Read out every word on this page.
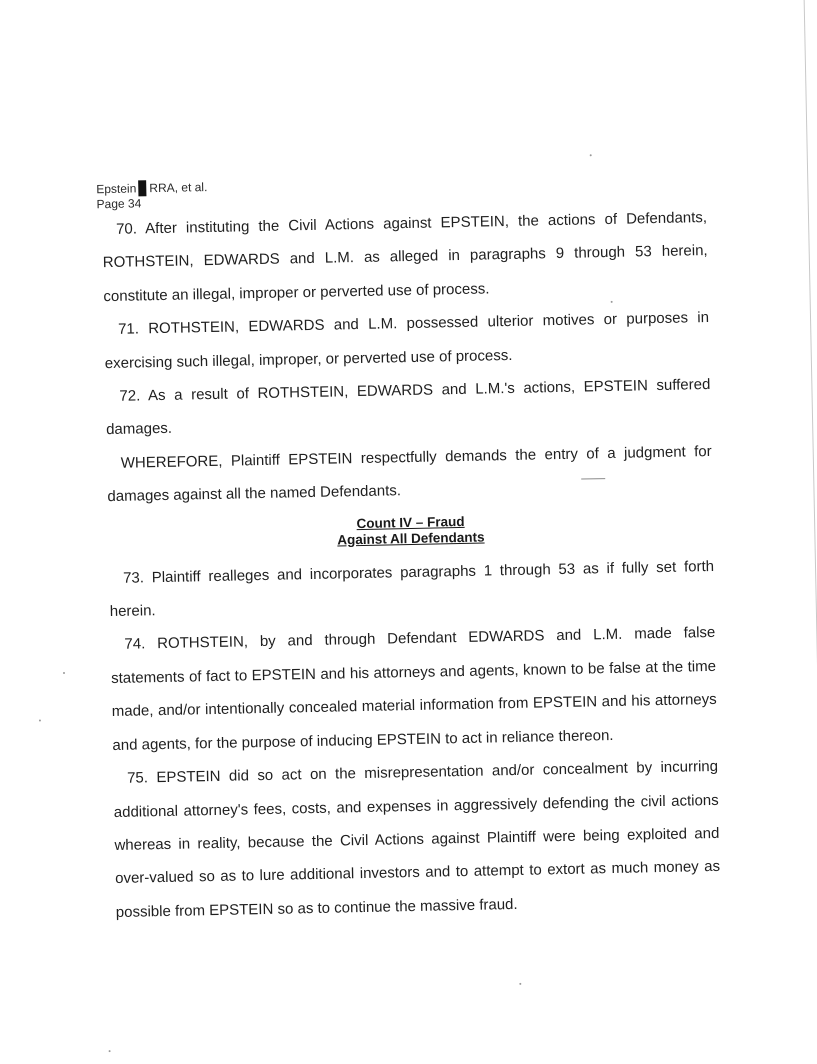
Epstein RRA, et al.
Page 34

70. After instituting the Civil Actions against EPSTEIN, the actions of Defendants, ROTHSTEIN, EDWARDS and L.M. as alleged in paragraphs 9 through 53 herein, constitute an illegal, improper or perverted use of process.

71. ROTHSTEIN, EDWARDS and L.M. possessed ulterior motives or purposes in exercising such illegal, improper, or perverted use of process.

72. As a result of ROTHSTEIN, EDWARDS and L.M.'s actions, EPSTEIN suffered damages.

WHEREFORE, Plaintiff EPSTEIN respectfully demands the entry of a judgment for damages against all the named Defendants.

Count IV – Fraud
Against All Defendants

73. Plaintiff realleges and incorporates paragraphs 1 through 53 as if fully set forth herein.

74. ROTHSTEIN, by and through Defendant EDWARDS and L.M. made false statements of fact to EPSTEIN and his attorneys and agents, known to be false at the time made, and/or intentionally concealed material information from EPSTEIN and his attorneys and agents, for the purpose of inducing EPSTEIN to act in reliance thereon.

75. EPSTEIN did so act on the misrepresentation and/or concealment by incurring additional attorney's fees, costs, and expenses in aggressively defending the civil actions whereas in reality, because the Civil Actions against Plaintiff were being exploited and over-valued so as to lure additional investors and to attempt to extort as much money as possible from EPSTEIN so as to continue the massive fraud.
